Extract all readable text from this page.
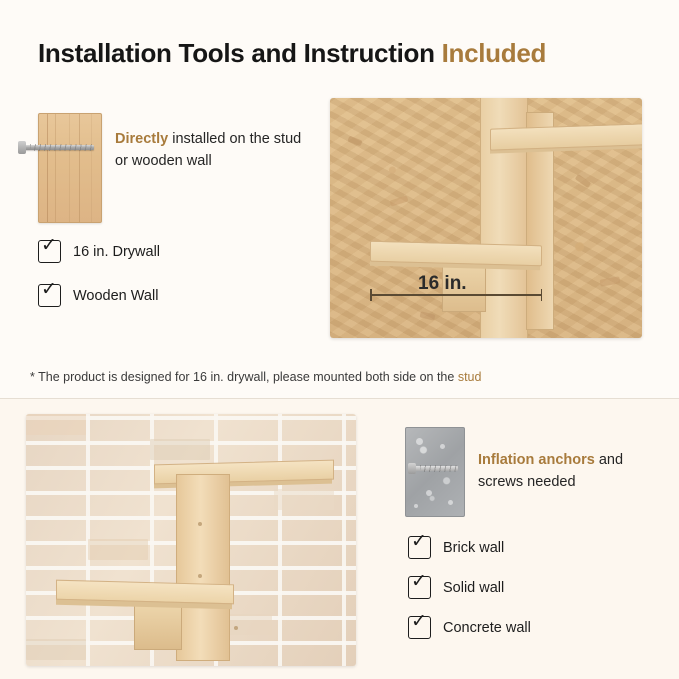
Installation Tools and Instruction Included
Directly installed on the stud or wooden wall
✓ 16 in. Drywall
✓ Wooden Wall
16 in.
* The product is designed for 16 in. drywall, please mounted both side on the stud
Inflation anchors and screws needed
✓ Brick wall
✓ Solid wall
✓ Concrete wall
